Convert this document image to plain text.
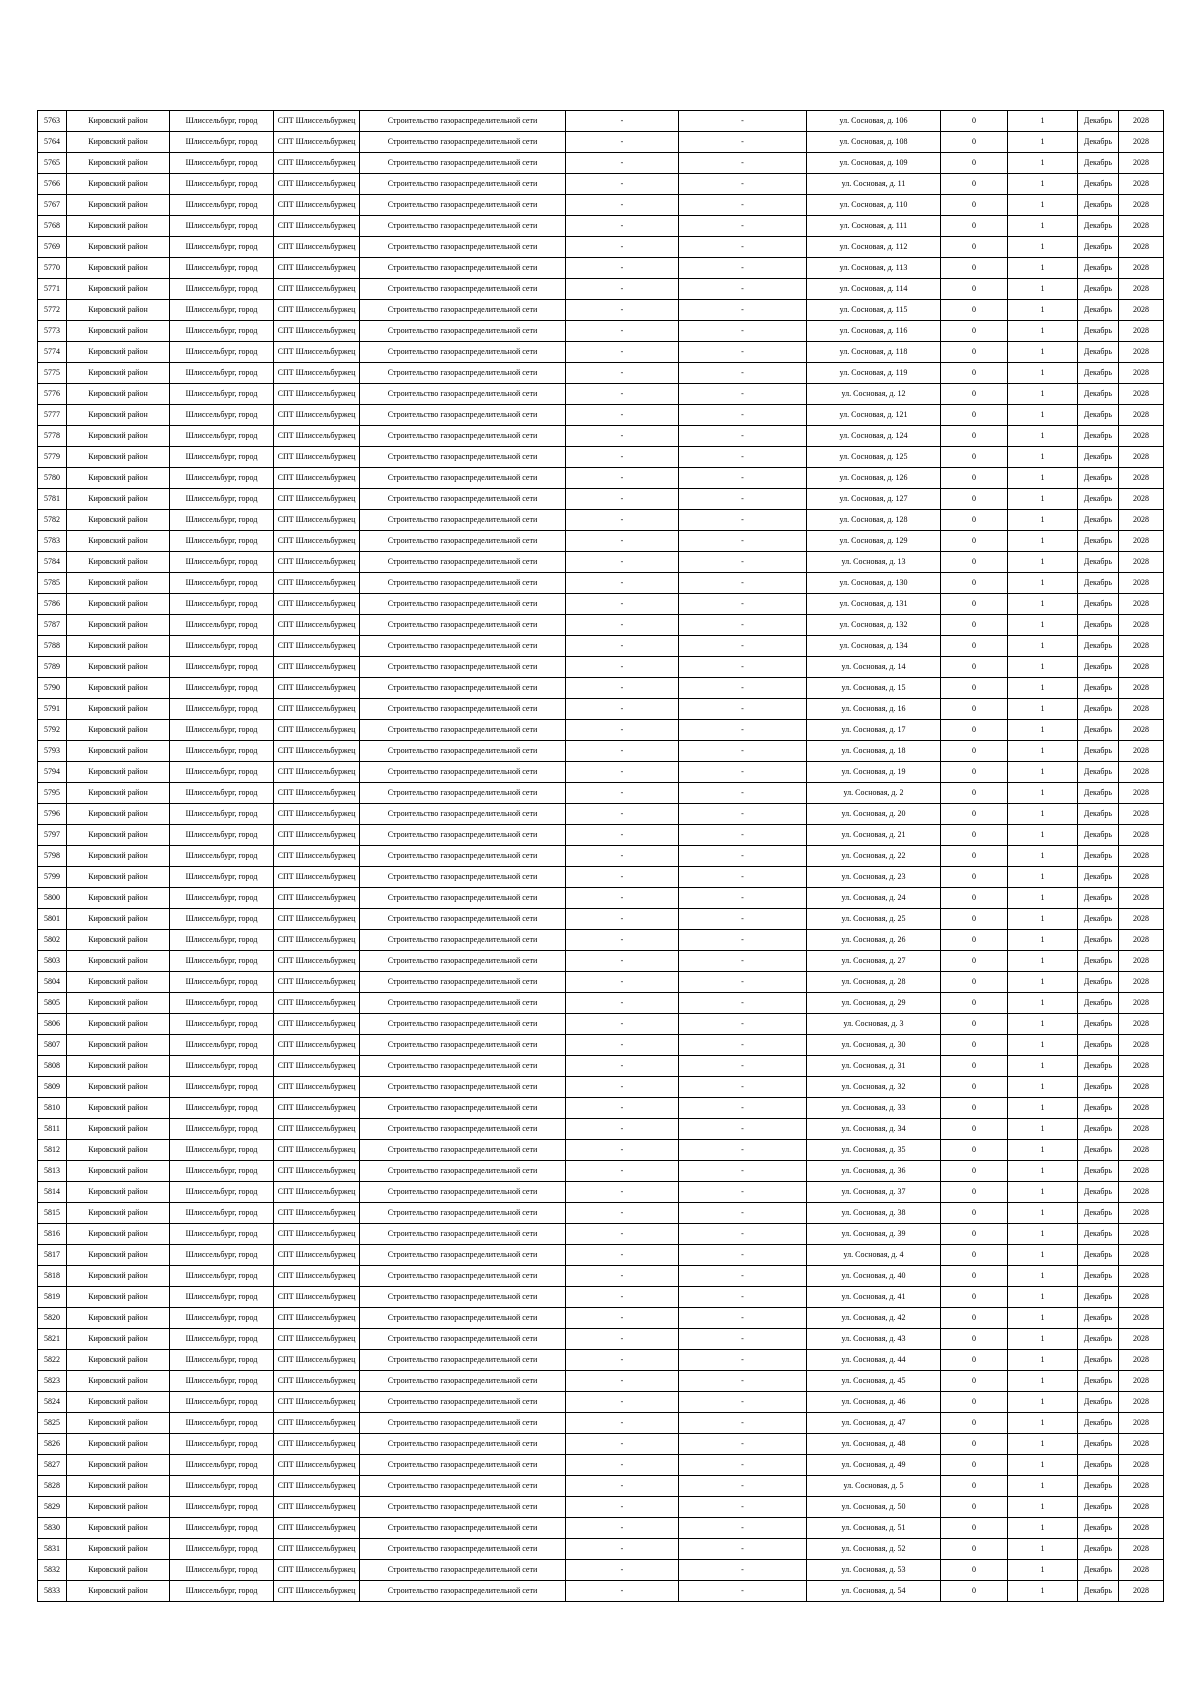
5763	Кировский район	Шлиссельбург, город	СПТ Шлиссельбуржец	Строительство газораспределительной сети	-	-	ул. Сосновая, д. 106	0	1	Декабрь	2028
5764	Кировский район	Шлиссельбург, город	СПТ Шлиссельбуржец	Строительство газораспределительной сети	-	-	ул. Сосновая, д. 108	0	1	Декабрь	2028
5765	Кировский район	Шлиссельбург, город	СПТ Шлиссельбуржец	Строительство газораспределительной сети	-	-	ул. Сосновая, д. 109	0	1	Декабрь	2028
5766	Кировский район	Шлиссельбург, город	СПТ Шлиссельбуржец	Строительство газораспределительной сети	-	-	ул. Сосновая, д. 11	0	1	Декабрь	2028
5767	Кировский район	Шлиссельбург, город	СПТ Шлиссельбуржец	Строительство газораспределительной сети	-	-	ул. Сосновая, д. 110	0	1	Декабрь	2028
5768	Кировский район	Шлиссельбург, город	СПТ Шлиссельбуржец	Строительство газораспределительной сети	-	-	ул. Сосновая, д. 111	0	1	Декабрь	2028
5769	Кировский район	Шлиссельбург, город	СПТ Шлиссельбуржец	Строительство газораспределительной сети	-	-	ул. Сосновая, д. 112	0	1	Декабрь	2028
5770	Кировский район	Шлиссельбург, город	СПТ Шлиссельбуржец	Строительство газораспределительной сети	-	-	ул. Сосновая, д. 113	0	1	Декабрь	2028
5771	Кировский район	Шлиссельбург, город	СПТ Шлиссельбуржец	Строительство газораспределительной сети	-	-	ул. Сосновая, д. 114	0	1	Декабрь	2028
5772	Кировский район	Шлиссельбург, город	СПТ Шлиссельбуржец	Строительство газораспределительной сети	-	-	ул. Сосновая, д. 115	0	1	Декабрь	2028
5773	Кировский район	Шлиссельбург, город	СПТ Шлиссельбуржец	Строительство газораспределительной сети	-	-	ул. Сосновая, д. 116	0	1	Декабрь	2028
5774	Кировский район	Шлиссельбург, город	СПТ Шлиссельбуржец	Строительство газораспределительной сети	-	-	ул. Сосновая, д. 118	0	1	Декабрь	2028
5775	Кировский район	Шлиссельбург, город	СПТ Шлиссельбуржец	Строительство газораспределительной сети	-	-	ул. Сосновая, д. 119	0	1	Декабрь	2028
5776	Кировский район	Шлиссельбург, город	СПТ Шлиссельбуржец	Строительство газораспределительной сети	-	-	ул. Сосновая, д. 12	0	1	Декабрь	2028
5777	Кировский район	Шлиссельбург, город	СПТ Шлиссельбуржец	Строительство газораспределительной сети	-	-	ул. Сосновая, д. 121	0	1	Декабрь	2028
5778	Кировский район	Шлиссельбург, город	СПТ Шлиссельбуржец	Строительство газораспределительной сети	-	-	ул. Сосновая, д. 124	0	1	Декабрь	2028
5779	Кировский район	Шлиссельбург, город	СПТ Шлиссельбуржец	Строительство газораспределительной сети	-	-	ул. Сосновая, д. 125	0	1	Декабрь	2028
5780	Кировский район	Шлиссельбург, город	СПТ Шлиссельбуржец	Строительство газораспределительной сети	-	-	ул. Сосновая, д. 126	0	1	Декабрь	2028
5781	Кировский район	Шлиссельбург, город	СПТ Шлиссельбуржец	Строительство газораспределительной сети	-	-	ул. Сосновая, д. 127	0	1	Декабрь	2028
5782	Кировский район	Шлиссельбург, город	СПТ Шлиссельбуржец	Строительство газораспределительной сети	-	-	ул. Сосновая, д. 128	0	1	Декабрь	2028
5783	Кировский район	Шлиссельбург, город	СПТ Шлиссельбуржец	Строительство газораспределительной сети	-	-	ул. Сосновая, д. 129	0	1	Декабрь	2028
5784	Кировский район	Шлиссельбург, город	СПТ Шлиссельбуржец	Строительство газораспределительной сети	-	-	ул. Сосновая, д. 13	0	1	Декабрь	2028
5785	Кировский район	Шлиссельбург, город	СПТ Шлиссельбуржец	Строительство газораспределительной сети	-	-	ул. Сосновая, д. 130	0	1	Декабрь	2028
5786	Кировский район	Шлиссельбург, город	СПТ Шлиссельбуржец	Строительство газораспределительной сети	-	-	ул. Сосновая, д. 131	0	1	Декабрь	2028
5787	Кировский район	Шлиссельбург, город	СПТ Шлиссельбуржец	Строительство газораспределительной сети	-	-	ул. Сосновая, д. 132	0	1	Декабрь	2028
5788	Кировский район	Шлиссельбург, город	СПТ Шлиссельбуржец	Строительство газораспределительной сети	-	-	ул. Сосновая, д. 134	0	1	Декабрь	2028
5789	Кировский район	Шлиссельбург, город	СПТ Шлиссельбуржец	Строительство газораспределительной сети	-	-	ул. Сосновая, д. 14	0	1	Декабрь	2028
5790	Кировский район	Шлиссельбург, город	СПТ Шлиссельбуржец	Строительство газораспределительной сети	-	-	ул. Сосновая, д. 15	0	1	Декабрь	2028
5791	Кировский район	Шлиссельбург, город	СПТ Шлиссельбуржец	Строительство газораспределительной сети	-	-	ул. Сосновая, д. 16	0	1	Декабрь	2028
5792	Кировский район	Шлиссельбург, город	СПТ Шлиссельбуржец	Строительство газораспределительной сети	-	-	ул. Сосновая, д. 17	0	1	Декабрь	2028
5793	Кировский район	Шлиссельбург, город	СПТ Шлиссельбуржец	Строительство газораспределительной сети	-	-	ул. Сосновая, д. 18	0	1	Декабрь	2028
5794	Кировский район	Шлиссельбург, город	СПТ Шлиссельбуржец	Строительство газораспределительной сети	-	-	ул. Сосновая, д. 19	0	1	Декабрь	2028
5795	Кировский район	Шлиссельбург, город	СПТ Шлиссельбуржец	Строительство газораспределительной сети	-	-	ул. Сосновая, д. 2	0	1	Декабрь	2028
5796	Кировский район	Шлиссельбург, город	СПТ Шлиссельбуржец	Строительство газораспределительной сети	-	-	ул. Сосновая, д. 20	0	1	Декабрь	2028
5797	Кировский район	Шлиссельбург, город	СПТ Шлиссельбуржец	Строительство газораспределительной сети	-	-	ул. Сосновая, д. 21	0	1	Декабрь	2028
5798	Кировский район	Шлиссельбург, город	СПТ Шлиссельбуржец	Строительство газораспределительной сети	-	-	ул. Сосновая, д. 22	0	1	Декабрь	2028
5799	Кировский район	Шлиссельбург, город	СПТ Шлиссельбуржец	Строительство газораспределительной сети	-	-	ул. Сосновая, д. 23	0	1	Декабрь	2028
5800	Кировский район	Шлиссельбург, город	СПТ Шлиссельбуржец	Строительство газораспределительной сети	-	-	ул. Сосновая, д. 24	0	1	Декабрь	2028
5801	Кировский район	Шлиссельбург, город	СПТ Шлиссельбуржец	Строительство газораспределительной сети	-	-	ул. Сосновая, д. 25	0	1	Декабрь	2028
5802	Кировский район	Шлиссельбург, город	СПТ Шлиссельбуржец	Строительство газораспределительной сети	-	-	ул. Сосновая, д. 26	0	1	Декабрь	2028
5803	Кировский район	Шлиссельбург, город	СПТ Шлиссельбуржец	Строительство газораспределительной сети	-	-	ул. Сосновая, д. 27	0	1	Декабрь	2028
5804	Кировский район	Шлиссельбург, город	СПТ Шлиссельбуржец	Строительство газораспределительной сети	-	-	ул. Сосновая, д. 28	0	1	Декабрь	2028
5805	Кировский район	Шлиссельбург, город	СПТ Шлиссельбуржец	Строительство газораспределительной сети	-	-	ул. Сосновая, д. 29	0	1	Декабрь	2028
5806	Кировский район	Шлиссельбург, город	СПТ Шлиссельбуржец	Строительство газораспределительной сети	-	-	ул. Сосновая, д. 3	0	1	Декабрь	2028
5807	Кировский район	Шлиссельбург, город	СПТ Шлиссельбуржец	Строительство газораспределительной сети	-	-	ул. Сосновая, д. 30	0	1	Декабрь	2028
5808	Кировский район	Шлиссельбург, город	СПТ Шлиссельбуржец	Строительство газораспределительной сети	-	-	ул. Сосновая, д. 31	0	1	Декабрь	2028
5809	Кировский район	Шлиссельбург, город	СПТ Шлиссельбуржец	Строительство газораспределительной сети	-	-	ул. Сосновая, д. 32	0	1	Декабрь	2028
5810	Кировский район	Шлиссельбург, город	СПТ Шлиссельбуржец	Строительство газораспределительной сети	-	-	ул. Сосновая, д. 33	0	1	Декабрь	2028
5811	Кировский район	Шлиссельбург, город	СПТ Шлиссельбуржец	Строительство газораспределительной сети	-	-	ул. Сосновая, д. 34	0	1	Декабрь	2028
5812	Кировский район	Шлиссельбург, город	СПТ Шлиссельбуржец	Строительство газораспределительной сети	-	-	ул. Сосновая, д. 35	0	1	Декабрь	2028
5813	Кировский район	Шлиссельбург, город	СПТ Шлиссельбуржец	Строительство газораспределительной сети	-	-	ул. Сосновая, д. 36	0	1	Декабрь	2028
5814	Кировский район	Шлиссельбург, город	СПТ Шлиссельбуржец	Строительство газораспределительной сети	-	-	ул. Сосновая, д. 37	0	1	Декабрь	2028
5815	Кировский район	Шлиссельбург, город	СПТ Шлиссельбуржец	Строительство газораспределительной сети	-	-	ул. Сосновая, д. 38	0	1	Декабрь	2028
5816	Кировский район	Шлиссельбург, город	СПТ Шлиссельбуржец	Строительство газораспределительной сети	-	-	ул. Сосновая, д. 39	0	1	Декабрь	2028
5817	Кировский район	Шлиссельбург, город	СПТ Шлиссельбуржец	Строительство газораспределительной сети	-	-	ул. Сосновая, д. 4	0	1	Декабрь	2028
5818	Кировский район	Шлиссельбург, город	СПТ Шлиссельбуржец	Строительство газораспределительной сети	-	-	ул. Сосновая, д. 40	0	1	Декабрь	2028
5819	Кировский район	Шлиссельбург, город	СПТ Шлиссельбуржец	Строительство газораспределительной сети	-	-	ул. Сосновая, д. 41	0	1	Декабрь	2028
5820	Кировский район	Шлиссельбург, город	СПТ Шлиссельбуржец	Строительство газораспределительной сети	-	-	ул. Сосновая, д. 42	0	1	Декабрь	2028
5821	Кировский район	Шлиссельбург, город	СПТ Шлиссельбуржец	Строительство газораспределительной сети	-	-	ул. Сосновая, д. 43	0	1	Декабрь	2028
5822	Кировский район	Шлиссельбург, город	СПТ Шлиссельбуржец	Строительство газораспределительной сети	-	-	ул. Сосновая, д. 44	0	1	Декабрь	2028
5823	Кировский район	Шлиссельбург, город	СПТ Шлиссельбуржец	Строительство газораспределительной сети	-	-	ул. Сосновая, д. 45	0	1	Декабрь	2028
5824	Кировский район	Шлиссельбург, город	СПТ Шлиссельбуржец	Строительство газораспределительной сети	-	-	ул. Сосновая, д. 46	0	1	Декабрь	2028
5825	Кировский район	Шлиссельбург, город	СПТ Шлиссельбуржец	Строительство газораспределительной сети	-	-	ул. Сосновая, д. 47	0	1	Декабрь	2028
5826	Кировский район	Шлиссельбург, город	СПТ Шлиссельбуржец	Строительство газораспределительной сети	-	-	ул. Сосновая, д. 48	0	1	Декабрь	2028
5827	Кировский район	Шлиссельбург, город	СПТ Шлиссельбуржец	Строительство газораспределительной сети	-	-	ул. Сосновая, д. 49	0	1	Декабрь	2028
5828	Кировский район	Шлиссельбург, город	СПТ Шлиссельбуржец	Строительство газораспределительной сети	-	-	ул. Сосновая, д. 5	0	1	Декабрь	2028
5829	Кировский район	Шлиссельбург, город	СПТ Шлиссельбуржец	Строительство газораспределительной сети	-	-	ул. Сосновая, д. 50	0	1	Декабрь	2028
5830	Кировский район	Шлиссельбург, город	СПТ Шлиссельбуржец	Строительство газораспределительной сети	-	-	ул. Сосновая, д. 51	0	1	Декабрь	2028
5831	Кировский район	Шлиссельбург, город	СПТ Шлиссельбуржец	Строительство газораспределительной сети	-	-	ул. Сосновая, д. 52	0	1	Декабрь	2028
5832	Кировский район	Шлиссельбург, город	СПТ Шлиссельбуржец	Строительство газораспределительной сети	-	-	ул. Сосновая, д. 53	0	1	Декабрь	2028
5833	Кировский район	Шлиссельбург, город	СПТ Шлиссельбуржец	Строительство газораспределительной сети	-	-	ул. Сосновая, д. 54	0	1	Декабрь	2028
